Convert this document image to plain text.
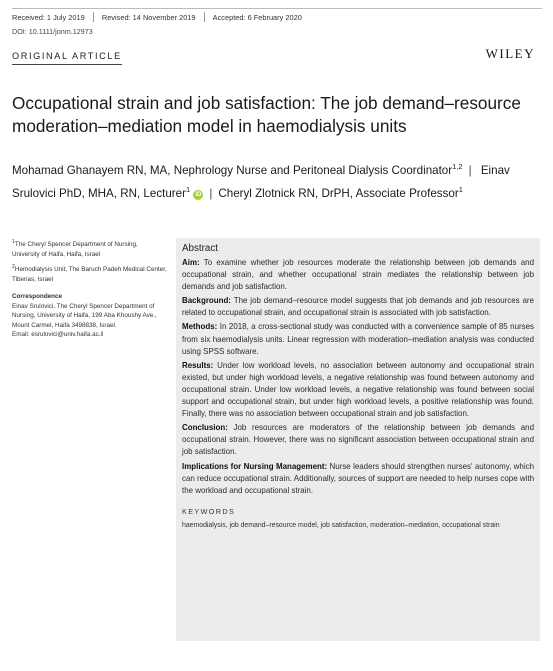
Received: 1 July 2019 Revised: 14 November 2019 Accepted: 6 February 2020
DOI: 10.1111/jonm.12973
ORIGINAL ARTICLE	WILEY
Occupational strain and job satisfaction: The job demand–resource moderation–mediation model in haemodialysis units
Mohamad Ghanayem RN, MA, Nephrology Nurse and Peritoneal Dialysis Coordinator$^{1,2}$ | Einav Srulovici PhD, MHA, RN, Lecturer$^1$ iD | Cheryl Zlotnick RN, DrPH, Associate Professor$^1$
$^1$The Cheryl Spencer Department of Nursing, University of Haifa, Haifa, Israel
$^2$Hemodialysis Unit, The Baruch Padeh Medical Center, Tiberias, Israel
Correspondence
Einav Srulovici, The Cheryl Spencer Department of Nursing, University of Haifa, 199 Aba Khoushy Ave., Mount Carmel, Haifa 3498838, Israel.
Email: esrulovici@univ.haifa.ac.il
Abstract

Aim: To examine whether job resources moderate the relationship between job demands and occupational strain, and whether occupational strain mediates the relationship between job demands and job satisfaction.

Background: The job demand–resource model suggests that job demands and job resources are related to occupational strain, and occupational strain is associated with job satisfaction.

Methods: In 2018, a cross-sectional study was conducted with a convenience sample of 85 nurses from six haemodialysis units. Linear regression with moderation–mediation analysis was conducted using SPSS software.

Results: Under low workload levels, no association between autonomy and occupational strain existed, but under high workload levels, a negative relationship was found between autonomy and occupational strain. Under low workload levels, a negative relationship was found between social support and occupational strain, but under high workload levels, a positive relationship was found. Finally, there was no association between occupational strain and job satisfaction.

Conclusion: Job resources are moderators of the relationship between job demands and occupational strain. However, there was no significant association between occupational strain and job satisfaction.

Implications for Nursing Management: Nurse leaders should strengthen nurses' autonomy, which can reduce occupational strain. Additionally, sources of support are needed to help nurses cope with the workload and occupational strain.

KEYWORDS
haemodialysis, job demand–resource model, job satisfaction, moderation–mediation, occupational strain
